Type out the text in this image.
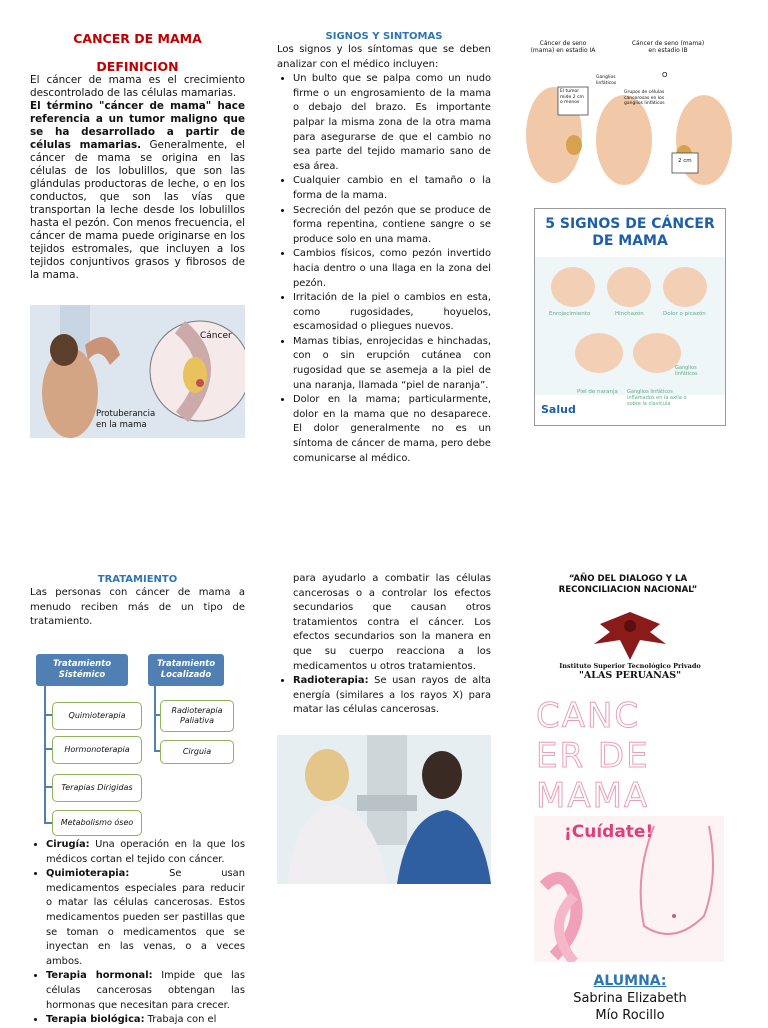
CANCER DE MAMA
DEFINICION

El cáncer de mama es el crecimiento descontrolado de las células mamarias.

El término "cáncer de mama" hace referencia a un tumor maligno que se ha desarrollado a partir de células mamarias. Generalmente, el cáncer de mama se origina en las células de los lobulillos, que son las glándulas productoras de leche, o en los conductos, que son las vías que transportan la leche desde los lobulillos hasta el pezón. Con menos frecuencia, el cáncer de mama puede originarse en los tejidos estromales, que incluyen a los tejidos conjuntivos grasos y fibrosos de la mama.

Cáncer
Protuberancia
en la mama
SIGNOS Y SINTOMAS
Los signos y los síntomas que se deben analizar con el médico incluyen:
• Un bulto que se palpa como un nudo firme o un engrosamiento de la mama o debajo del brazo. Es importante palpar la misma zona de la otra mama para asegurarse de que el cambio no sea parte del tejido mamario sano de esa área.
• Cualquier cambio en el tamaño o la forma de la mama.
• Secreción del pezón que se produce de forma repentina, contiene sangre o se produce solo en una mama.
• Cambios físicos, como pezón invertido hacia dentro o una llaga en la zona del pezón.
• Irritación de la piel o cambios en esta, como rugosidades, hoyuelos, escamosidad o pliegues nuevos.
• Mamas tibias, enrojecidas e hinchadas, con o sin erupción cutánea con rugosidad que se asemeja a la piel de una naranja, llamada “piel de naranja”.
• Dolor en la mama; particularmente, dolor en la mama que no desaparece. El dolor generalmente no es un síntoma de cáncer de mama, pero debe comunicarse al médico.
Cáncer de seno (mama) en estadio IA
Cáncer de seno (mama) en estadio IB
O
El tumor mide 2 cm o menos
Ganglios linfáticos
Grupos de células cancerosas en los ganglios linfáticos
2 cm
5 SIGNOS DE CÁNCER
DE MAMA
Enrojecimiento	Hinchazón	Dolor o picazón
Piel de naranja Ganglios linfáticos inflamados en la axila o sobre la clavícula
Ganglios linfáticos
Salud
TRATAMIENTO
Las personas con cáncer de mama a menudo reciben más de un tipo de tratamiento.
Tratamiento Sistémico
Tratamiento Localizado
Quimioterapia
Hormonoterapia
Terapias Dirigidas
Metabolismo óseo
Radioterapia Paliativa
Cirguia
• Cirugía: Una operación en la que los médicos cortan el tejido con cáncer.
• Quimioterapia: Se usan medicamentos especiales para reducir o matar las células cancerosas. Estos medicamentos pueden ser pastillas que se toman o medicamentos que se inyectan en las venas, o a veces ambos.
• Terapia hormonal: Impide que las células cancerosas obtengan las hormonas que necesitan para crecer.
• Terapia biológica: Trabaja con el
para ayudarlo a combatir las células cancerosas o a controlar los efectos secundarios que causan otros tratamientos contra el cáncer. Los efectos secundarios son la manera en que su cuerpo reacciona a los medicamentos u otros tratamientos.
• Radioterapia: Se usan rayos de alta energía (similares a los rayos X) para matar las células cancerosas.
“AÑO DEL DIALOGO Y LA
RECONCILIACION NACIONAL”
Instituto Superior Tecnológico Privado
"ALAS PERUANAS"
CANC
ER DE
MAMA
¡Cuídate!
ALUMNA:
Sabrina Elizabeth
Mío Rocillo
